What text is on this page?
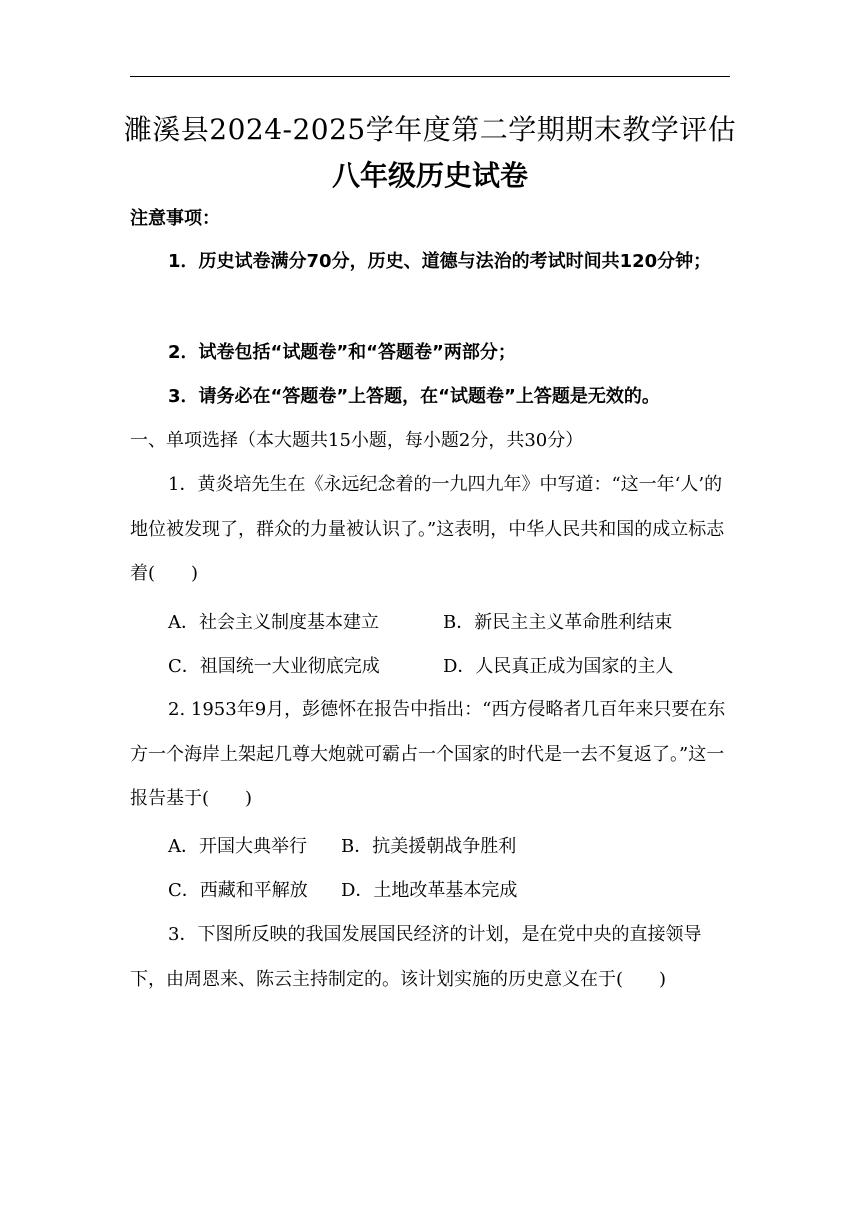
濉溪县2024-2025学年度第二学期期末教学评估
八年级历史试卷
注意事项：
1．历史试卷满分70分，历史、道德与法治的考试时间共120分钟；
2．试卷包括“试题卷”和“答题卷”两部分；
3．请务必在“答题卷”上答题，在“试题卷”上答题是无效的。
一、单项选择（本大题共15小题，每小题2分，共30分）
1．黄炎培先生在《永远纪念着的一九四九年》中写道：“这一年‘人’的地位被发现了，群众的力量被认识了。”这表明，中华人民共和国的成立标志着(　　)
A．社会主义制度基本建立	B．新民主主义革命胜利结束
C．祖国统一大业彻底完成	D．人民真正成为国家的主人
2. 1953年9月，彭德怀在报告中指出：“西方侵略者几百年来只要在东方一个海岸上架起几尊大炮就可霸占一个国家的时代是一去不复返了。”这一报告基于(　　)
A．开国大典举行 B．抗美援朝战争胜利
C．西藏和平解放 D．土地改革基本完成
3．下图所反映的我国发展国民经济的计划，是在党中央的直接领导下，由周恩来、陈云主持制定的。该计划实施的历史意义在于(　　)
